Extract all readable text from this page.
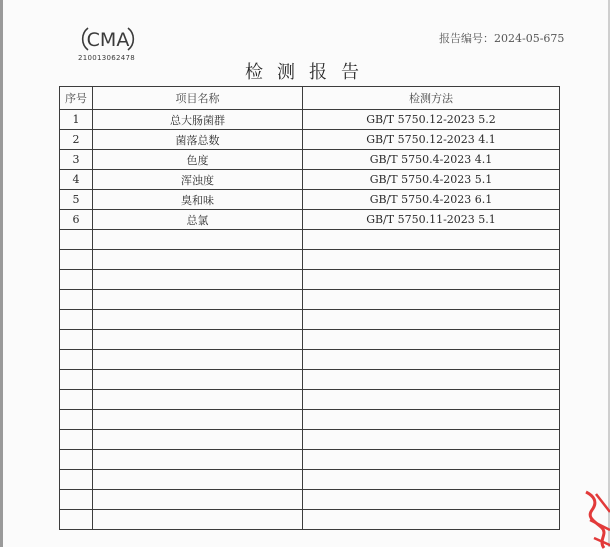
CMA
210013062478
报告编号：2024-05-675
检测报告
序号	项目名称	检测方法
1	总大肠菌群	GB/T 5750.12-2023 5.2
2	菌落总数	GB/T 5750.12-2023 4.1
3	色度	GB/T 5750.4-2023 4.1
4	浑浊度	GB/T 5750.4-2023 5.1
5	臭和味	GB/T 5750.4-2023 6.1
6	总氯	GB/T 5750.11-2023 5.1
